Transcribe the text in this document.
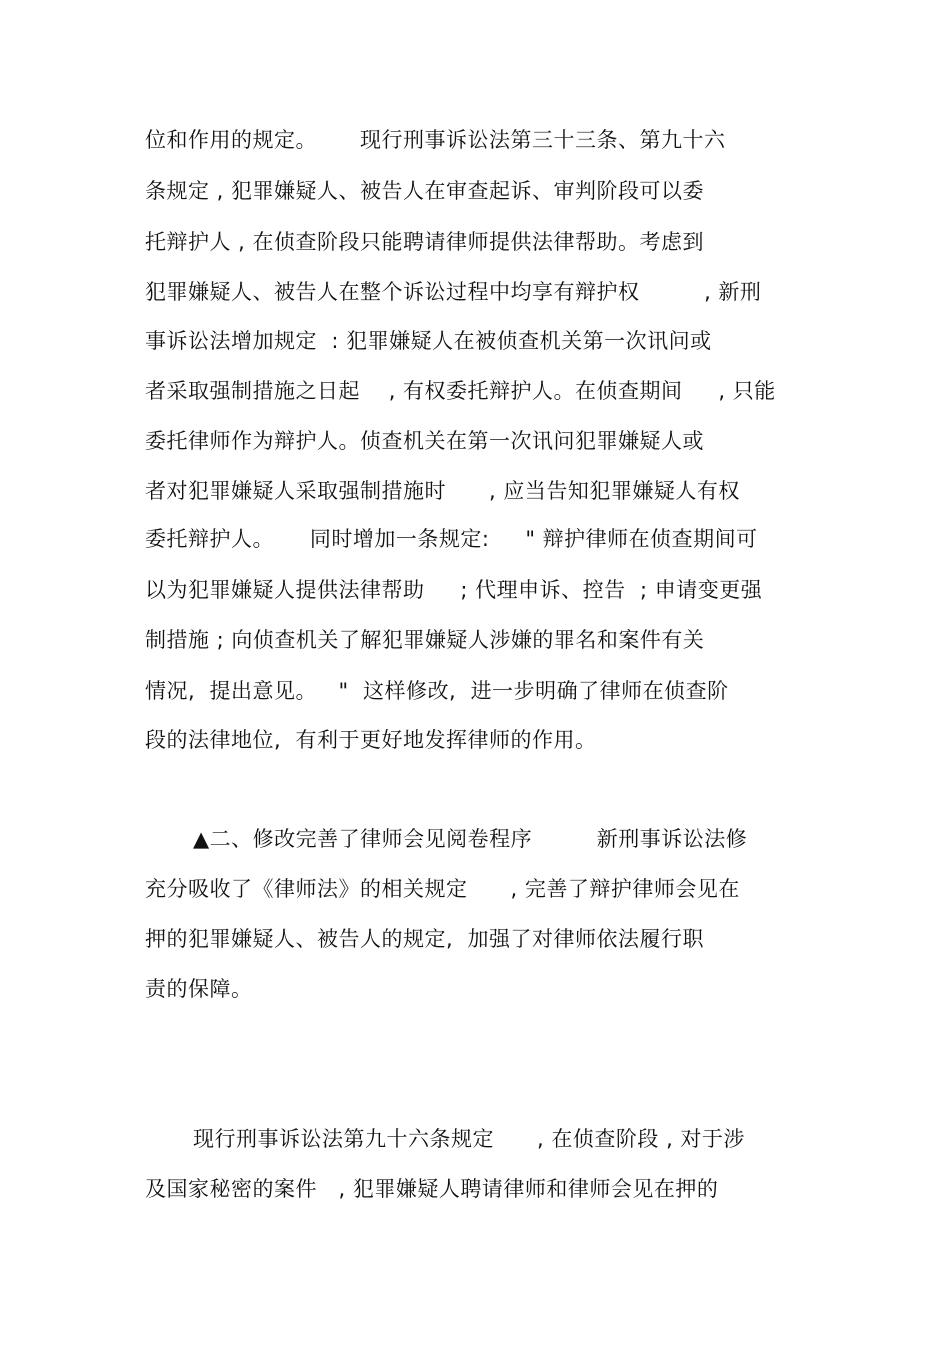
位和作用的规定。      现行刑事诉讼法第三十三条、第九十六
条规定 , 犯罪嫌疑人、被告人在审查起诉、审判阶段可以委
托辩护人 , 在侦查阶段只能聘请律师提供法律帮助。考虑到
犯罪嫌疑人、被告人在整个诉讼过程中均享有辩护权         , 新刑
事诉讼法增加规定  : 犯罪嫌疑人在被侦查机关第一次讯问或
者采取强制措施之日起    , 有权委托辩护人。在侦查期间     , 只能
委托律师作为辩护人。侦查机关在第一次讯问犯罪嫌疑人或
者对犯罪嫌疑人采取强制措施时      , 应当告知犯罪嫌疑人有权
委托辩护人。     同时增加一条规定:     " 辩护律师在侦查期间可
以为犯罪嫌疑人提供法律帮助     ; 代理申诉、控告  ; 申请变更强
制措施 ; 向侦查机关了解犯罪嫌疑人涉嫌的罪名和案件有关
情况,  提出意见。   "  这样修改,  进一步明确了律师在侦查阶
段的法律地位,  有利于更好地发挥律师的作用。
▲二、修改完善了律师会见阅卷程序         新刑事诉讼法修
充分吸收了《律师法》的相关规定      , 完善了辩护律师会见在
押的犯罪嫌疑人、被告人的规定,  加强了对律师依法履行职
责的保障。
现行刑事诉讼法第九十六条规定      , 在侦查阶段 , 对于涉
及国家秘密的案件   , 犯罪嫌疑人聘请律师和律师会见在押的
